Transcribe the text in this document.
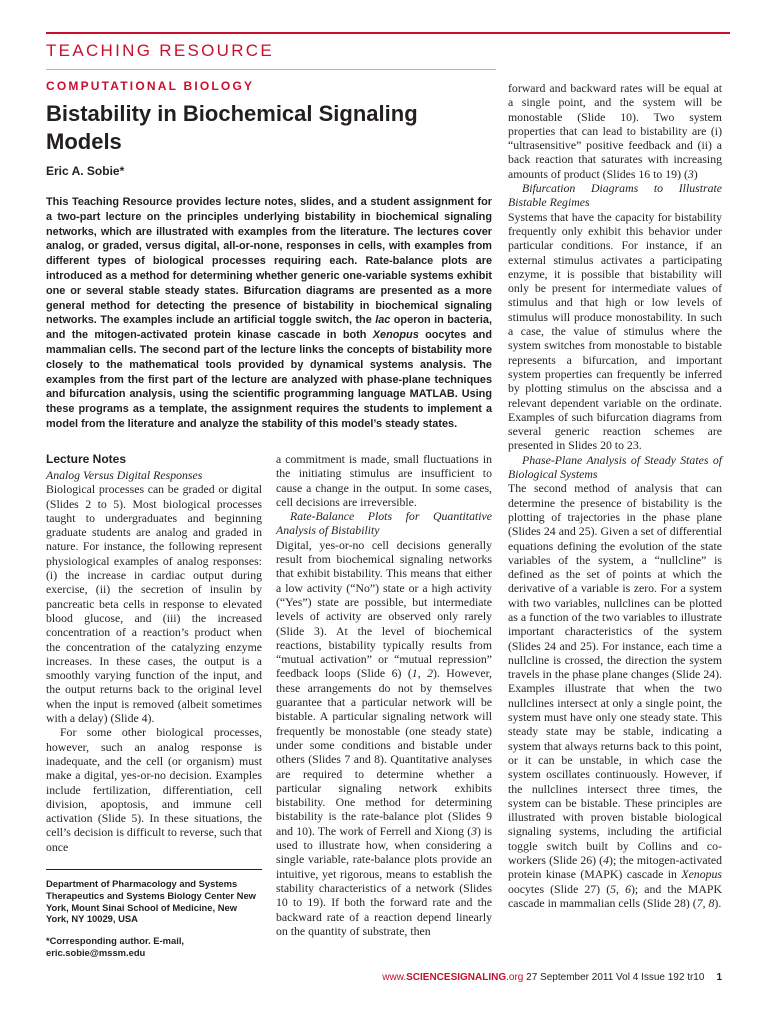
TEACHING RESOURCE
COMPUTATIONAL BIOLOGY
Bistability in Biochemical Signaling Models
Eric A. Sobie*

This Teaching Resource provides lecture notes, slides, and a student assignment for a two-part lecture on the principles underlying bistability in biochemical signaling networks, which are illustrated with examples from the literature. The lectures cover analog, or graded, versus digital, all-or-none, responses in cells, with examples from different types of biological processes requiring each. Rate-balance plots are introduced as a method for determining whether generic one-variable systems exhibit one or several stable steady states. Bifurcation diagrams are presented as a more general method for detecting the presence of bistability in biochemical signaling networks. The examples include an artificial toggle switch, the lac operon in bacteria, and the mitogen-activated protein kinase cascade in both Xenopus oocytes and mammalian cells. The second part of the lecture links the concepts of bistability more closely to the mathematical tools provided by dynamical systems analysis. The examples from the first part of the lecture are analyzed with phase-plane techniques and bifurcation analysis, using the scientific programming language MATLAB. Using these programs as a template, the assignment requires the students to implement a model from the literature and analyze the stability of this model’s steady states.

Lecture Notes

Analog Versus Digital Responses

Biological processes can be graded or digital (Slides 2 to 5). Most biological processes taught to undergraduates and beginning graduate students are analog and graded in nature. For instance, the following represent physiological examples of analog responses: (i) the increase in cardiac output during exercise, (ii) the secretion of insulin by pancreatic beta cells in response to elevated blood glucose, and (iii) the increased concentration of a reaction’s product when the concentration of the catalyzing enzyme increases. In these cases, the output is a smoothly varying function of the input, and the output returns back to the original level when the input is removed (albeit sometimes with a delay) (Slide 4).

For some other biological processes, however, such an analog response is inadequate, and the cell (or organism) must make a digital, yes-or-no decision. Examples include fertilization, differentiation, cell division, apoptosis, and immune cell activation (Slide 5). In these situations, the cell’s decision is difficult to reverse, such that once

Department of Pharmacology and Systems Therapeutics and Systems Biology Center New York, Mount Sinai School of Medicine, New York, NY 10029, USA

*Corresponding author. E-mail, eric.sobie@mssm.edu

a commitment is made, small fluctuations in the initiating stimulus are insufficient to cause a change in the output. In some cases, cell decisions are irreversible.

Rate-Balance Plots for Quantitative Analysis of Bistability

Digital, yes-or-no cell decisions generally result from biochemical signaling networks that exhibit bistability. This means that either a low activity (“No”) state or a high activity (“Yes”) state are possible, but intermediate levels of activity are observed only rarely (Slide 3). At the level of biochemical reactions, bistability typically results from “mutual activation” or “mutual repression” feedback loops (Slide 6) (1, 2). However, these arrangements do not by themselves guarantee that a particular network will be bistable. A particular signaling network will frequently be monostable (one steady state) under some conditions and bistable under others (Slides 7 and 8). Quantitative analyses are required to determine whether a particular signaling network exhibits bistability. One method for determining bistability is the rate-balance plot (Slides 9 and 10). The work of Ferrell and Xiong (3) is used to illustrate how, when considering a single variable, rate-balance plots provide an intuitive, yet rigorous, means to establish the stability characteristics of a network (Slides 10 to 19). If both the forward rate and the backward rate of a reaction depend linearly on the quantity of substrate, then

forward and backward rates will be equal at a single point, and the system will be monostable (Slide 10). Two system properties that can lead to bistability are (i) “ultrasensitive” positive feedback and (ii) a back reaction that saturates with increasing amounts of product (Slides 16 to 19) (3)

Bifurcation Diagrams to Illustrate Bistable Regimes

Systems that have the capacity for bistability frequently only exhibit this behavior under particular conditions. For instance, if an external stimulus activates a participating enzyme, it is possible that bistability will only be present for intermediate values of stimulus and that high or low levels of stimulus will produce monostability. In such a case, the value of stimulus where the system switches from monostable to bistable represents a bifurcation, and important system properties can frequently be inferred by plotting stimulus on the abscissa and a relevant dependent variable on the ordinate. Examples of such bifurcation diagrams from several generic reaction schemes are presented in Slides 20 to 23.

Phase-Plane Analysis of Steady States of Biological Systems

The second method of analysis that can determine the presence of bistability is the plotting of trajectories in the phase plane (Slides 24 and 25). Given a set of differential equations defining the evolution of the state variables of the system, a “nullcline” is defined as the set of points at which the derivative of a variable is zero. For a system with two variables, nullclines can be plotted as a function of the two variables to illustrate important characteristics of the system (Slides 24 and 25). For instance, each time a nullcline is crossed, the direction the system travels in the phase plane changes (Slide 24). Examples illustrate that when the two nullclines intersect at only a single point, the system must have only one steady state. This steady state may be stable, indicating a system that always returns back to this point, or it can be unstable, in which case the system oscillates continuously. However, if the nullclines intersect three times, the system can be bistable. These principles are illustrated with proven bistable biological signaling systems, including the artificial toggle switch built by Collins and co-workers (Slide 26) (4); the mitogen-activated protein kinase (MAPK) cascade in Xenopus oocytes (Slide 27) (5, 6); and the MAPK cascade in mammalian cells (Slide 28) (7, 8).

www.SCIENCESIGNALING.org 27 September 2011 Vol 4 Issue 192 tr10 1
